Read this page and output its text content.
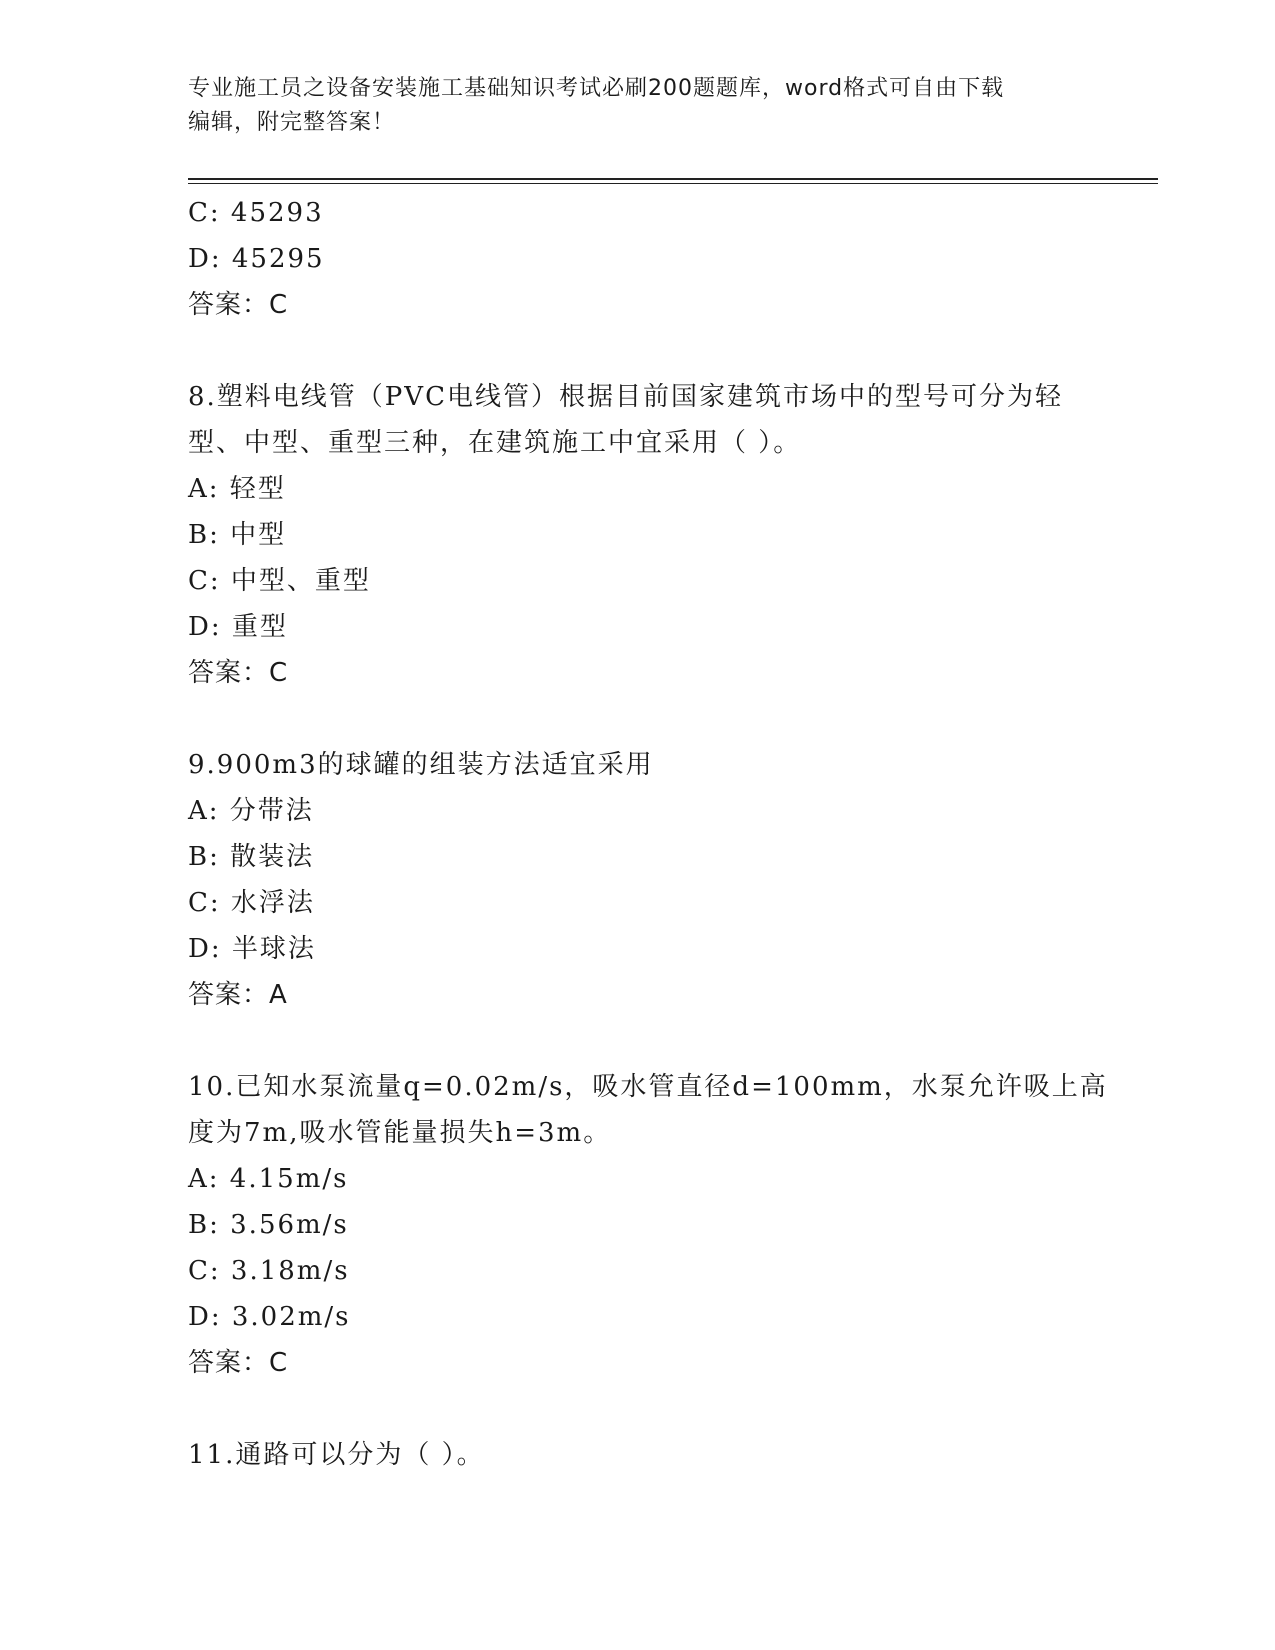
专业施工员之设备安装施工基础知识考试必刷200题题库，word格式可自由下载
编辑，附完整答案！
C: 45293
D: 45295
答案：C
8.塑料电线管（PVC电线管）根据目前国家建筑市场中的型号可分为轻
型、中型、重型三种，在建筑施工中宜采用（ ）。
A: 轻型
B: 中型
C: 中型、重型
D: 重型
答案：C
9.900m3的球罐的组装方法适宜采用
A: 分带法
B: 散装法
C: 水浮法
D: 半球法
答案：A
10.已知水泵流量q=0.02m/s，吸水管直径d=100mm，水泵允许吸上高
度为7m,吸水管能量损失h=3m。
A: 4.15m/s
B: 3.56m/s
C: 3.18m/s
D: 3.02m/s
答案：C
11.通路可以分为（ ）。
